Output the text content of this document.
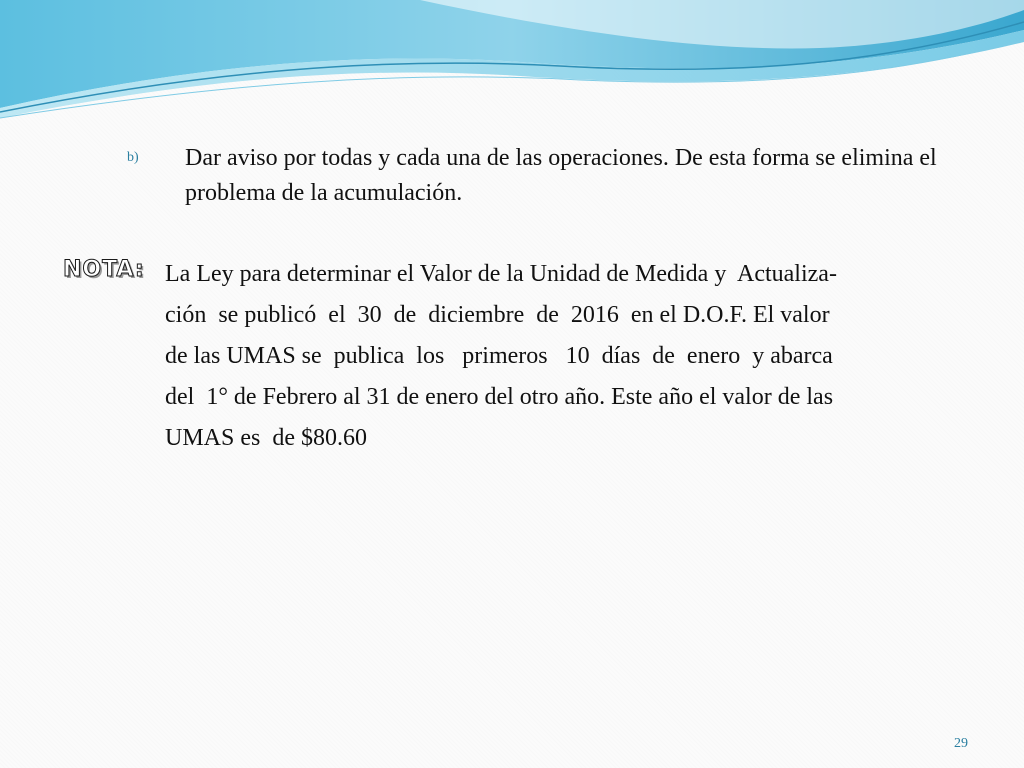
b) Dar aviso por todas y cada una de las operaciones. De esta forma se elimina el problema de la acumulación.
NOTA: La Ley para determinar el Valor de la Unidad de Medida y  Actualiza-
ción  se publicó  el  30  de  diciembre  de  2016  en el D.O.F. El valor
de las UMAS se  publica  los   primeros   10  días  de  enero  y abarca
del  1° de Febrero al 31 de enero del otro año. Este año el valor de las
UMAS es  de $80.60
29
